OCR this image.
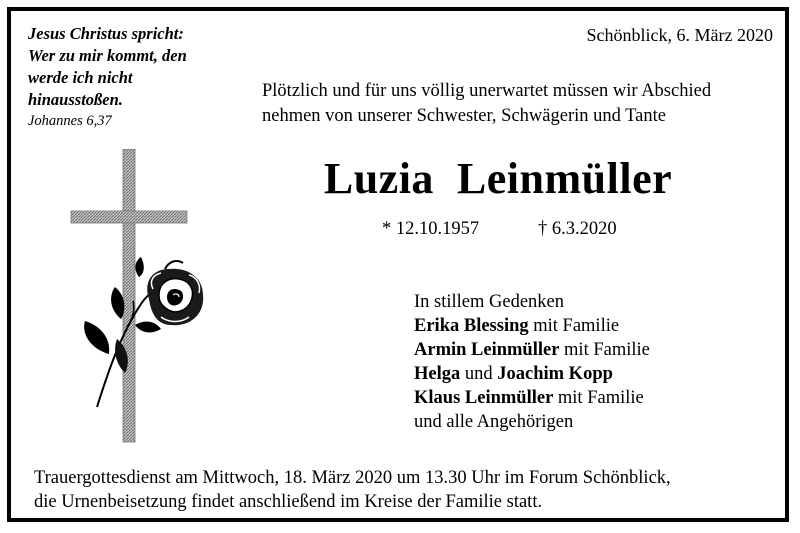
Jesus Christus spricht:
Wer zu mir kommt, den
werde ich nicht
hinausstoßen.
Johannes 6,37
Schönblick, 6. März 2020
Plötzlich und für uns völlig unerwartet müssen wir Abschied
nehmen von unserer Schwester, Schwägerin und Tante
Luzia  Leinmüller
* 12.10.1957	† 6.3.2020
In stillem Gedenken
Erika Blessing mit Familie
Armin Leinmüller mit Familie
Helga und Joachim Kopp
Klaus Leinmüller mit Familie
und alle Angehörigen
Trauergottesdienst am Mittwoch, 18. März 2020 um 13.30 Uhr im Forum Schönblick,
die Urnenbeisetzung findet anschließend im Kreise der Familie statt.
